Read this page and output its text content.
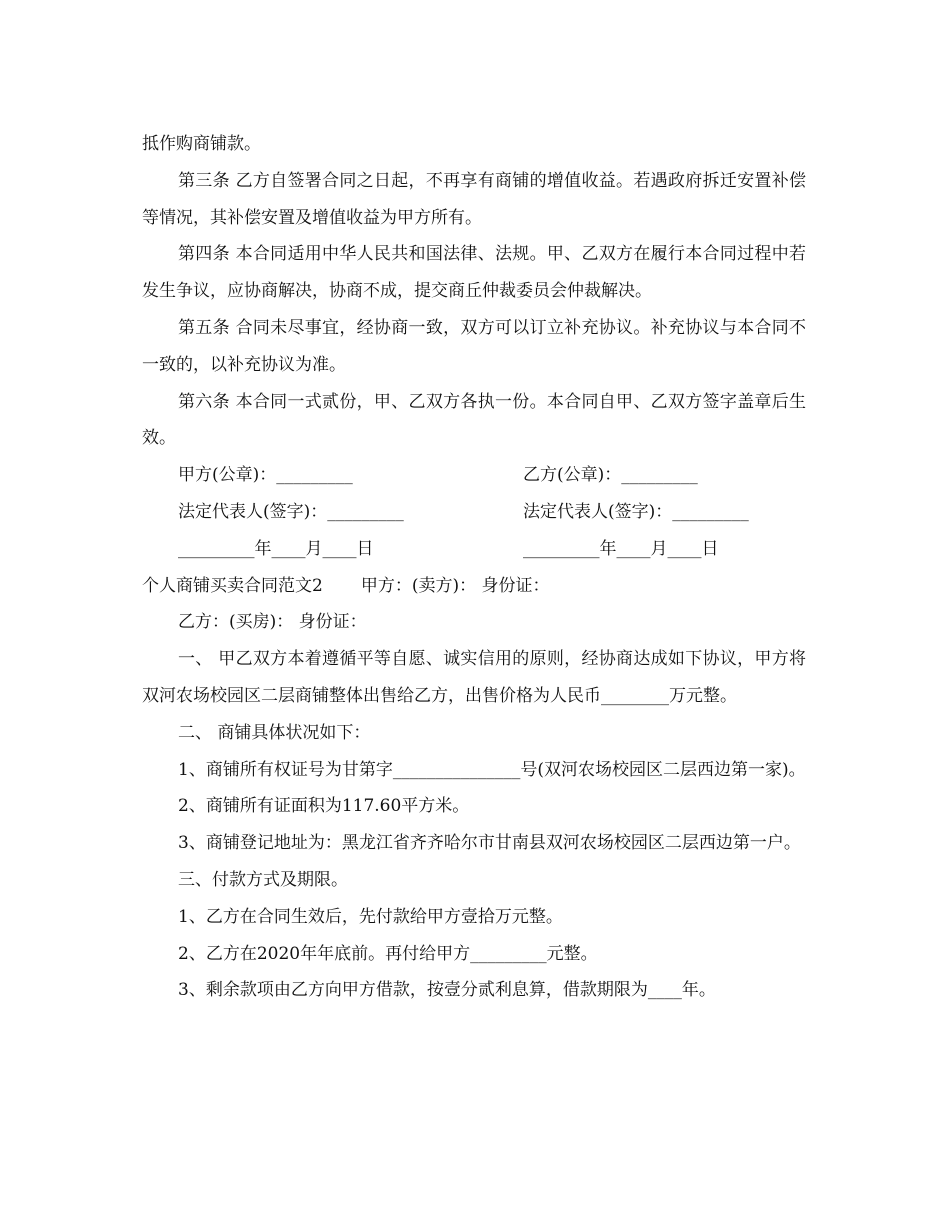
抵作购商铺款。

第三条 乙方自签署合同之日起，不再享有商铺的增值收益。若遇政府拆迁安置补偿等情况，其补偿安置及增值收益为甲方所有。

第四条 本合同适用中华人民共和国法律、法规。甲、乙双方在履行本合同过程中若发生争议，应协商解决，协商不成，提交商丘仲裁委员会仲裁解决。

第五条 合同未尽事宜，经协商一致，双方可以订立补充协议。补充协议与本合同不一致的，以补充协议为准。

第六条 本合同一式贰份，甲、乙双方各执一份。本合同自甲、乙双方签字盖章后生效。

甲方(公章)：_________	乙方(公章)：_________
法定代表人(签字)：_________	法定代表人(签字)：_________
_________年____月____日	_________年____月____日
个人商铺买卖合同范文2 甲方：(卖方)： 身份证：

乙方：(买房)： 身份证：

一、 甲乙双方本着遵循平等自愿、诚实信用的原则，经协商达成如下协议，甲方将双河农场校园区二层商铺整体出售给乙方，出售价格为人民币________万元整。

二、 商铺具体状况如下：

1、商铺所有权证号为甘第字_______________号(双河农场校园区二层西边第一家)。

2、商铺所有证面积为117.60平方米。

3、商铺登记地址为：黑龙江省齐齐哈尔市甘南县双河农场校园区二层西边第一户。

三、付款方式及期限。

1、乙方在合同生效后，先付款给甲方壹拾万元整。

2、乙方在2020年年底前。再付给甲方_________元整。

3、剩余款项由乙方向甲方借款，按壹分贰利息算，借款期限为____年。
